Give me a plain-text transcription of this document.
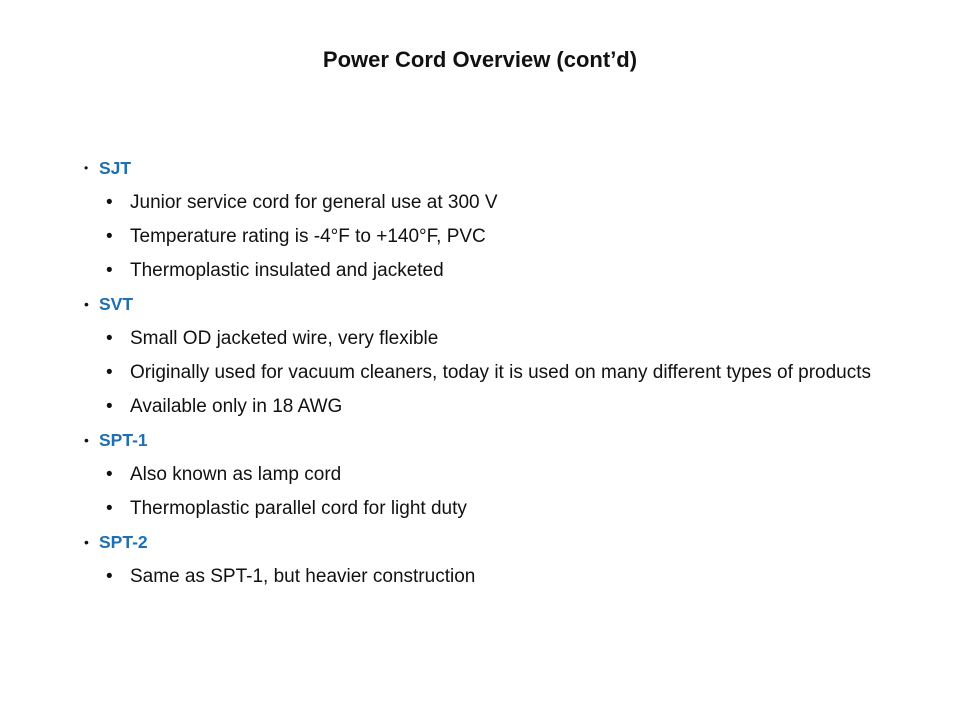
Power Cord Overview (cont’d)
• SJT
• Junior service cord for general use at 300 V
• Temperature rating is -4°F to +140°F, PVC
• Thermoplastic insulated and jacketed
• SVT
• Small OD jacketed wire, very flexible
• Originally used for vacuum cleaners, today it is used on many different types of products
• Available only in 18 AWG
• SPT-1
• Also known as lamp cord
• Thermoplastic parallel cord for light duty
• SPT-2
• Same as SPT-1, but heavier construction
